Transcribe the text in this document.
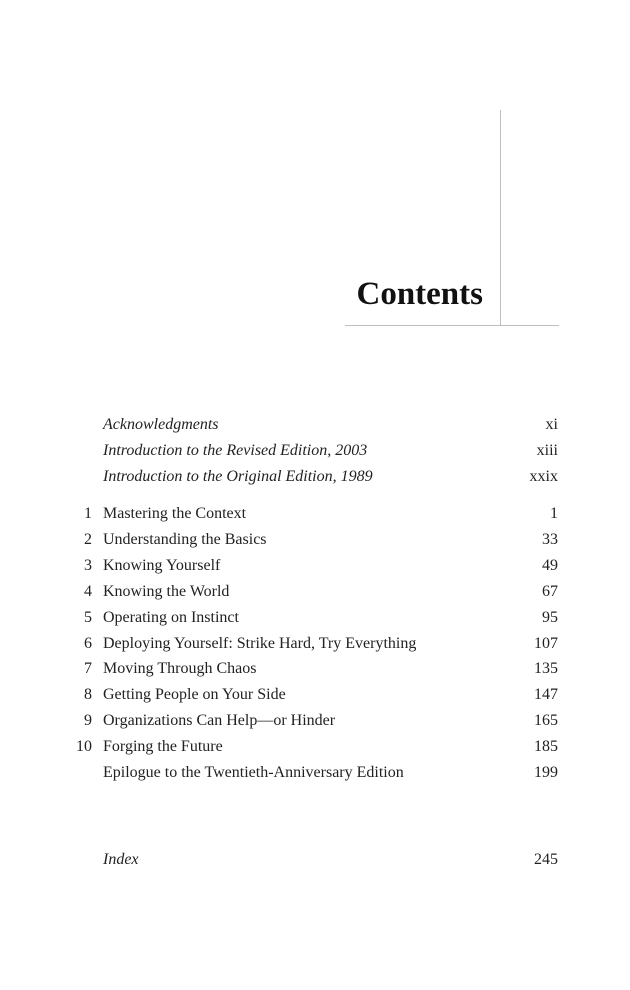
Contents
Acknowledgments	xi
Introduction to the Revised Edition, 2003	xiii
Introduction to the Original Edition, 1989	xxix
1 Mastering the Context	1
2 Understanding the Basics	33
3 Knowing Yourself	49
4 Knowing the World	67
5 Operating on Instinct	95
6 Deploying Yourself: Strike Hard, Try Everything	107
7 Moving Through Chaos	135
8 Getting People on Your Side	147
9 Organizations Can Help—or Hinder	165
10 Forging the Future	185
Epilogue to the Twentieth-Anniversary Edition	199
Index	245
